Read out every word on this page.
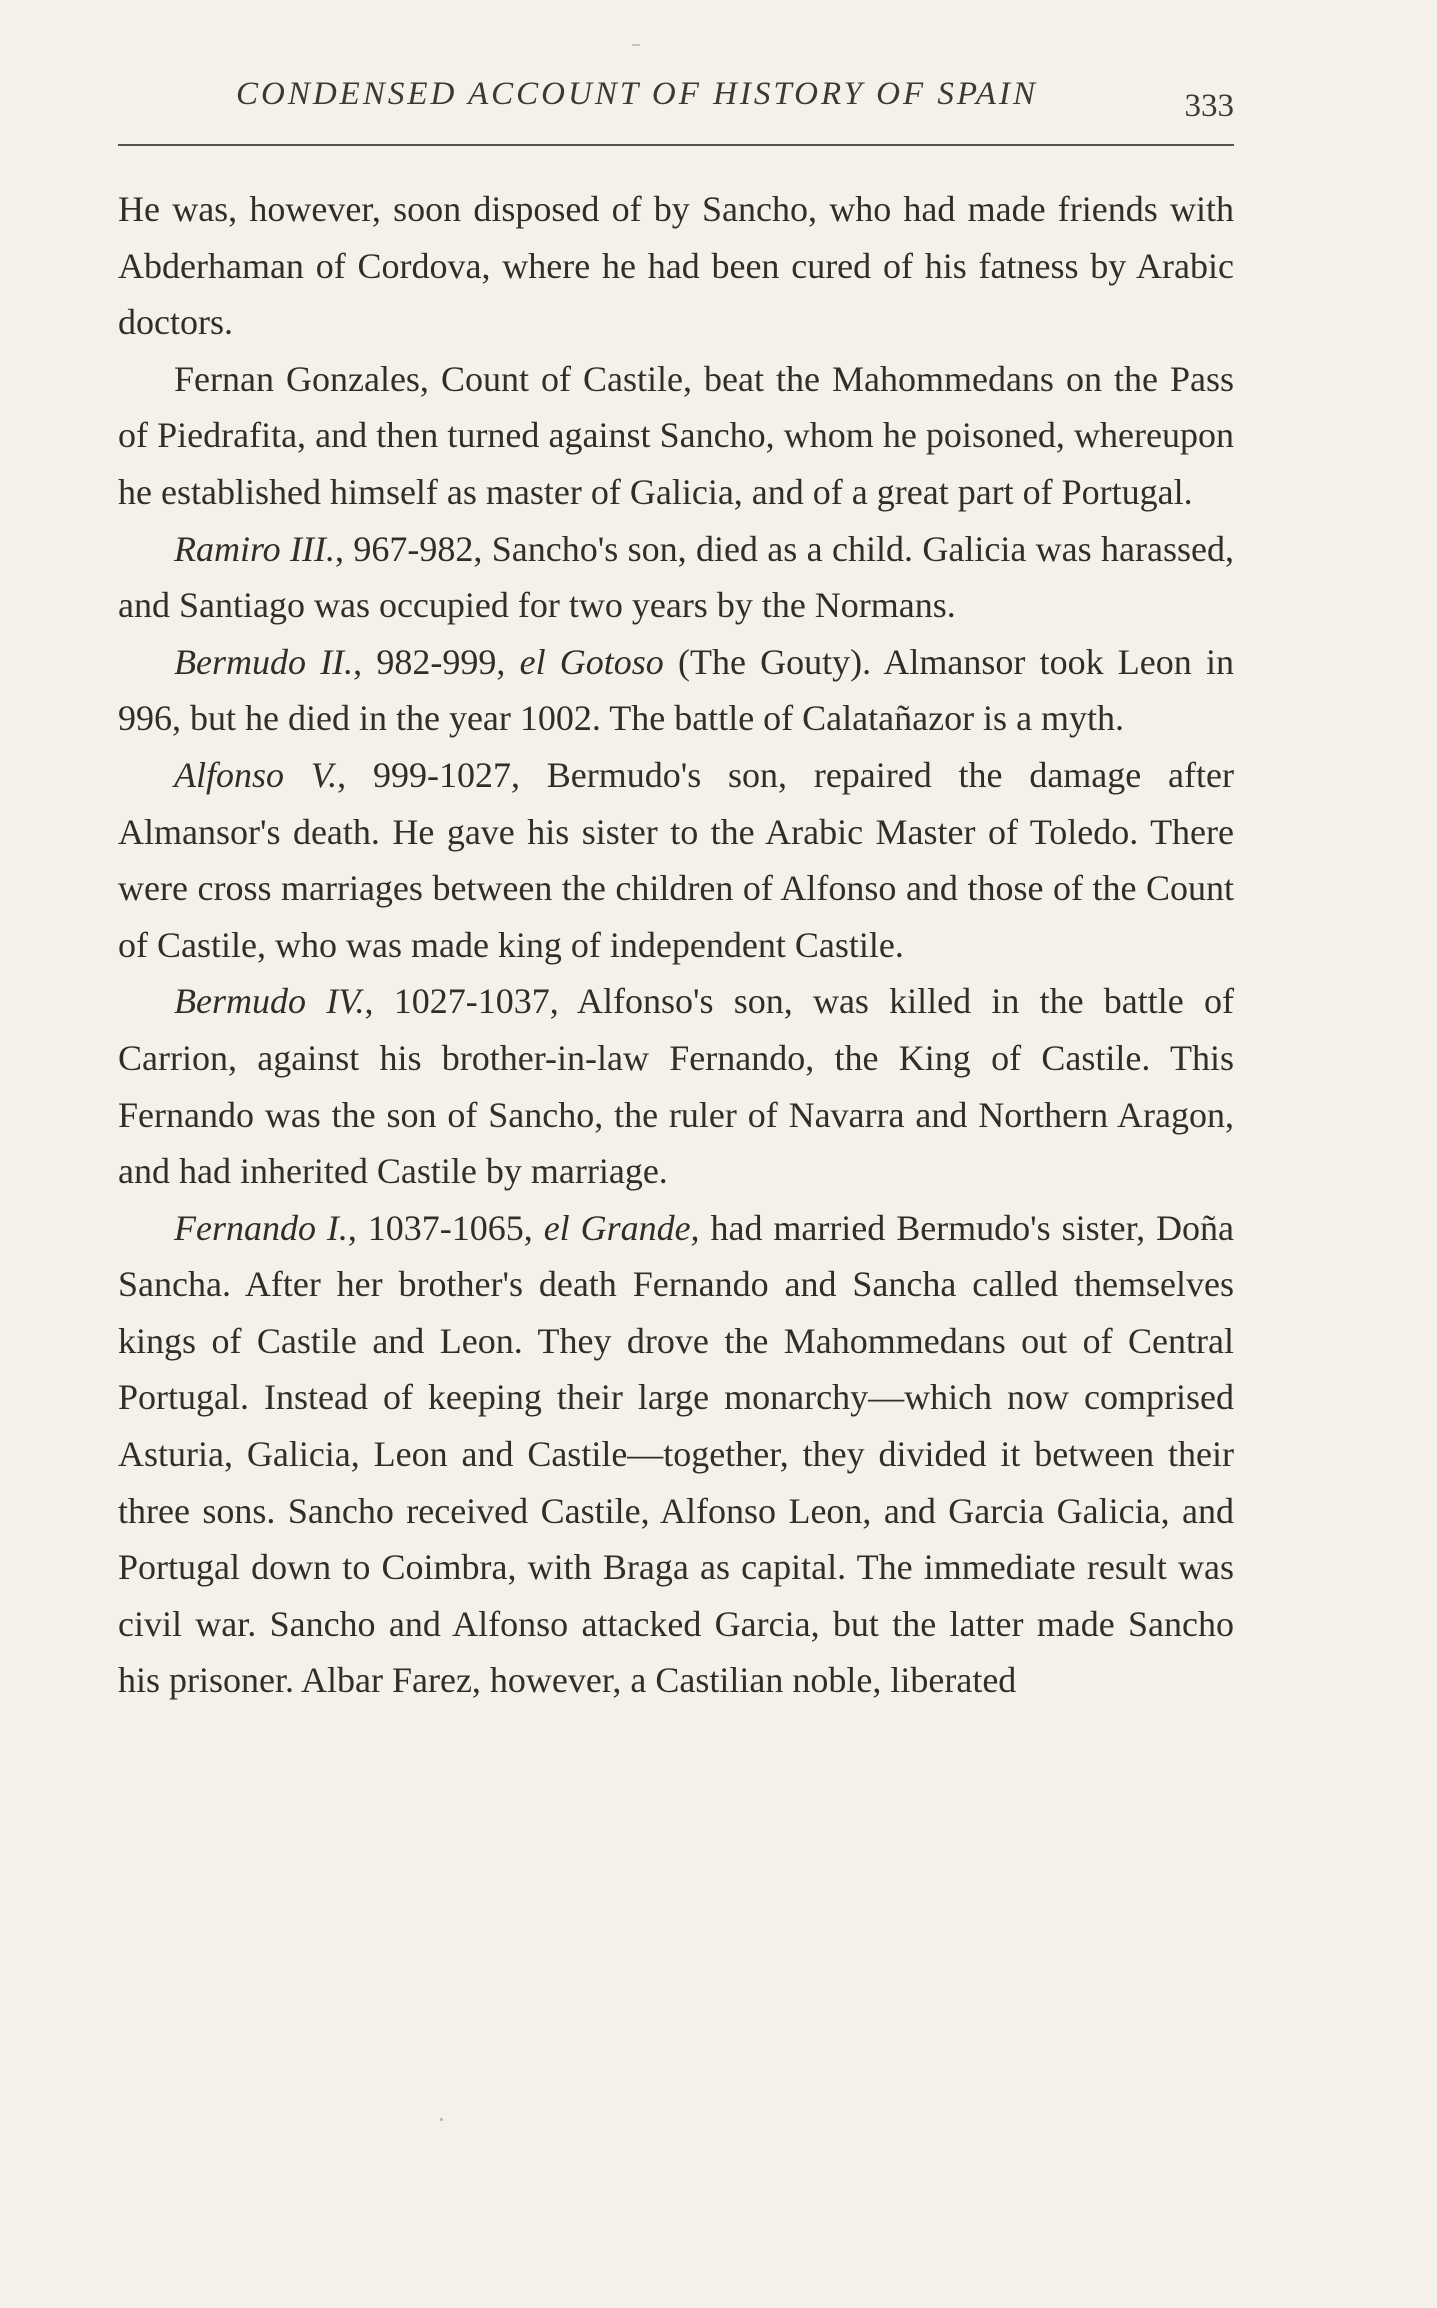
CONDENSED ACCOUNT OF HISTORY OF SPAIN	333

He was, however, soon disposed of by Sancho, who had made friends with Abderhaman of Cordova, where he had been cured of his fatness by Arabic doctors.

Fernan Gonzales, Count of Castile, beat the Mahommedans on the Pass of Piedrafita, and then turned against Sancho, whom he poisoned, whereupon he established himself as master of Galicia, and of a great part of Portugal.

Ramiro III., 967-982, Sancho's son, died as a child. Galicia was harassed, and Santiago was occupied for two years by the Normans.

Bermudo II., 982-999, el Gotoso (The Gouty). Almansor took Leon in 996, but he died in the year 1002. The battle of Calatañazor is a myth.

Alfonso V., 999-1027, Bermudo's son, repaired the damage after Almansor's death. He gave his sister to the Arabic Master of Toledo. There were cross marriages between the children of Alfonso and those of the Count of Castile, who was made king of independent Castile.

Bermudo IV., 1027-1037, Alfonso's son, was killed in the battle of Carrion, against his brother-in-law Fernando, the King of Castile. This Fernando was the son of Sancho, the ruler of Navarra and Northern Aragon, and had inherited Castile by marriage.

Fernando I., 1037-1065, el Grande, had married Bermudo's sister, Doña Sancha. After her brother's death Fernando and Sancha called themselves kings of Castile and Leon. They drove the Mahommedans out of Central Portugal. Instead of keeping their large monarchy—which now comprised Asturia, Galicia, Leon and Castile—together, they divided it between their three sons. Sancho received Castile, Alfonso Leon, and Garcia Galicia, and Portugal down to Coimbra, with Braga as capital. The immediate result was civil war. Sancho and Alfonso attacked Garcia, but the latter made Sancho his prisoner. Albar Farez, however, a Castilian noble, liberated
